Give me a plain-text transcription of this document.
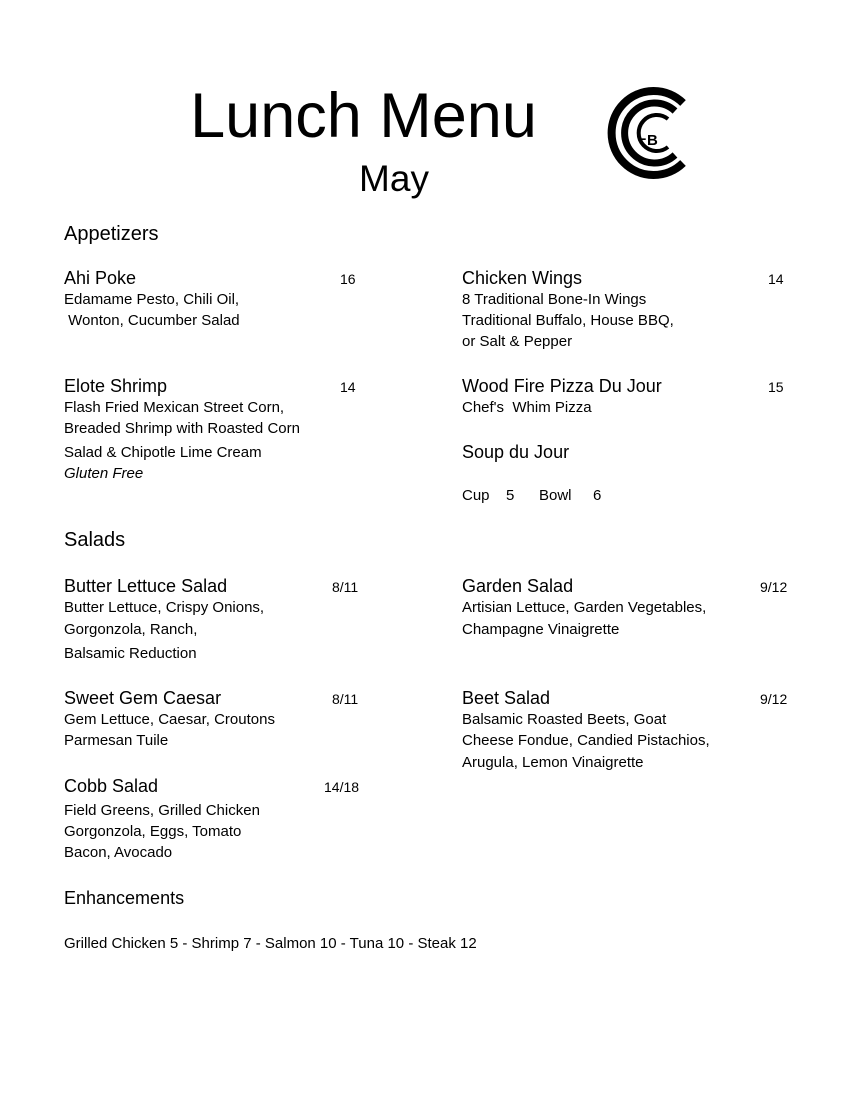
Lunch Menu
May
L B
Appetizers
Ahi Poke	16
Edamame Pesto, Chili Oil,
Wonton, Cucumber Salad
Chicken Wings	14
8 Traditional Bone-In Wings
Traditional Buffalo, House BBQ,
or Salt & Pepper
Elote Shrimp	14
Flash Fried Mexican Street Corn,
Breaded Shrimp with Roasted Corn
Salad & Chipotle Lime Cream
Gluten Free
Wood Fire Pizza Du Jour	15
Chef's  Whim Pizza
Soup du Jour
Cup 5 Bowl 6
Salads
Butter Lettuce Salad	8/11
Butter Lettuce, Crispy Onions,
Gorgonzola, Ranch,
Balsamic Reduction
Garden Salad	9/12
Artisian Lettuce, Garden Vegetables,
Champagne Vinaigrette
Sweet Gem Caesar	8/11
Gem Lettuce, Caesar, Croutons
Parmesan Tuile
Beet Salad	9/12
Balsamic Roasted Beets, Goat
Cheese Fondue, Candied Pistachios,
Arugula, Lemon Vinaigrette
Cobb Salad	14/18
Field Greens, Grilled Chicken
Gorgonzola, Eggs, Tomato
Bacon, Avocado
Enhancements
Grilled Chicken 5 - Shrimp 7 - Salmon 10 - Tuna 10 - Steak 12
